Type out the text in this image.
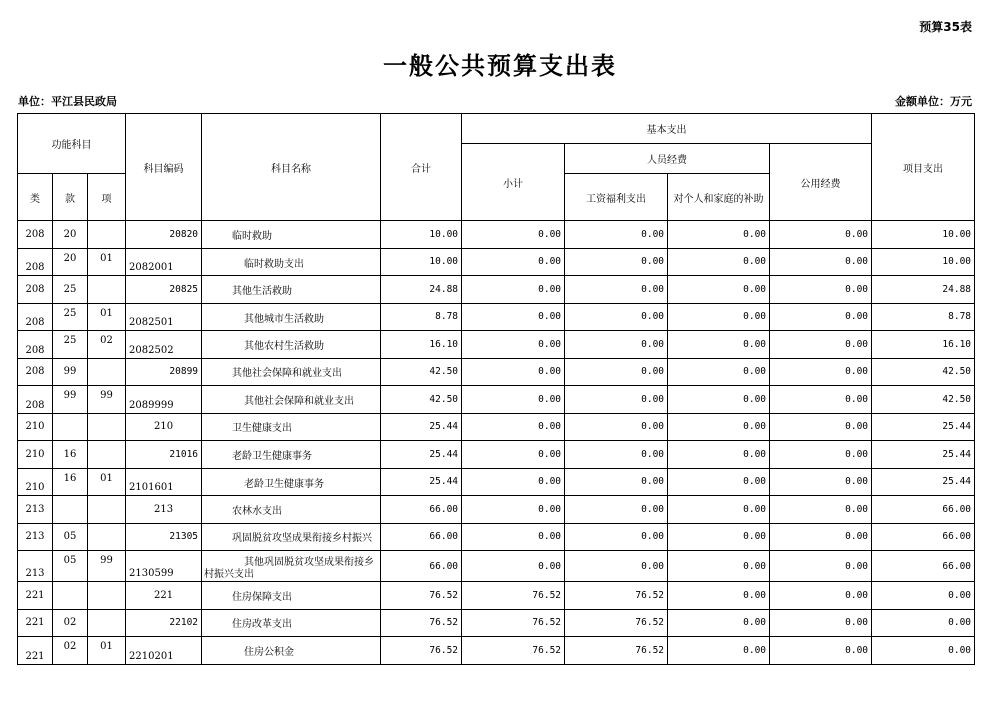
预算35表
一般公共预算支出表
单位：平江县民政局	金额单位：万元
功能科目			科目编码	科目名称	合计	基本支出				项目支出
						小计	人员经费		公用经费	
类	款	项					工资福利支出	对个人和家庭的补助		
208	20		20820	临时救助	10.00	0.00	0.00	0.00	0.00	10.00
208	20	01	2082001	临时救助支出	10.00	0.00	0.00	0.00	0.00	10.00
208	25		20825	其他生活救助	24.88	0.00	0.00	0.00	0.00	24.88
208	25	01	2082501	其他城市生活救助	8.78	0.00	0.00	0.00	0.00	8.78
208	25	02	2082502	其他农村生活救助	16.10	0.00	0.00	0.00	0.00	16.10
208	99		20899	其他社会保障和就业支出	42.50	0.00	0.00	0.00	0.00	42.50
208	99	99	2089999	其他社会保障和就业支出	42.50	0.00	0.00	0.00	0.00	42.50
210			210	卫生健康支出	25.44	0.00	0.00	0.00	0.00	25.44
210	16		21016	老龄卫生健康事务	25.44	0.00	0.00	0.00	0.00	25.44
210	16	01	2101601	老龄卫生健康事务	25.44	0.00	0.00	0.00	0.00	25.44
213			213	农林水支出	66.00	0.00	0.00	0.00	0.00	66.00
213	05		21305	巩固脱贫攻坚成果衔接乡村振兴	66.00	0.00	0.00	0.00	0.00	66.00
213	05	99	2130599	其他巩固脱贫攻坚成果衔接乡村振兴支出	66.00	0.00	0.00	0.00	0.00	66.00
221			221	住房保障支出	76.52	76.52	76.52	0.00	0.00	0.00
221	02		22102	住房改革支出	76.52	76.52	76.52	0.00	0.00	0.00
221	02	01	2210201	住房公积金	76.52	76.52	76.52	0.00	0.00	0.00
